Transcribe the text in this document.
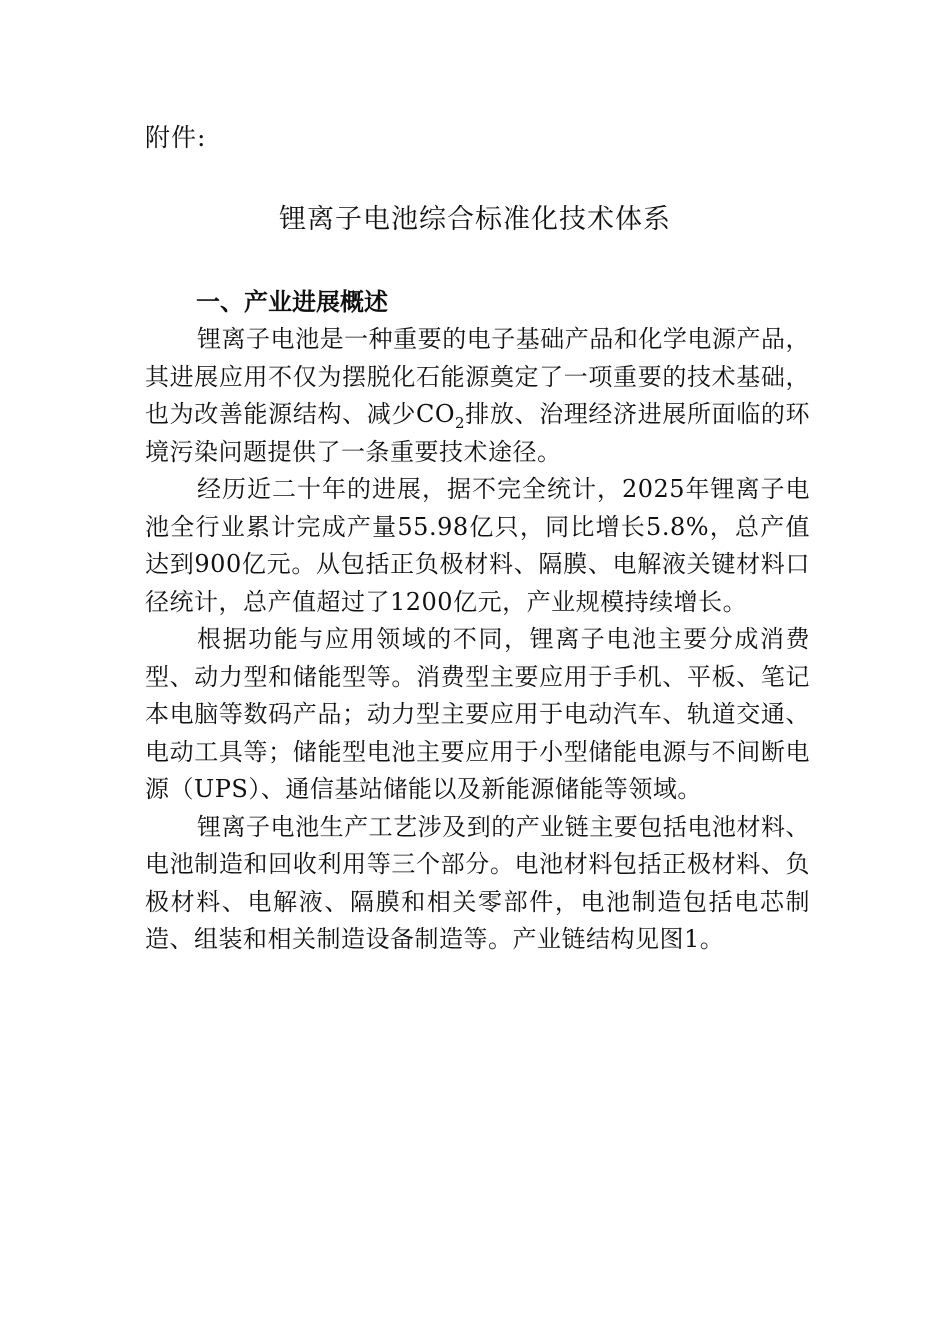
附件:
锂离子电池综合标准化技术体系
一、产业进展概述

锂离子电池是一种重要的电子基础产品和化学电源产品，其进展应用不仅为摆脱化石能源奠定了一项重要的技术基础，也为改善能源结构、减少$CO_2$排放、治理经济进展所面临的环境污染问题提供了一条重要技术途径。

经历近二十年的进展，据不完全统计，2025年锂离子电池全行业累计完成产量55.98亿只，同比增长5.8%，总产值达到900亿元。从包括正负极材料、隔膜、电解液关键材料口径统计，总产值超过了1200亿元，产业规模持续增长。

根据功能与应用领域的不同，锂离子电池主要分成消费型、动力型和储能型等。消费型主要应用于手机、平板、笔记本电脑等数码产品；动力型主要应用于电动汽车、轨道交通、电动工具等；储能型电池主要应用于小型储能电源与不间断电源（UPS）、通信基站储能以及新能源储能等领域。

锂离子电池生产工艺涉及到的产业链主要包括电池材料、电池制造和回收利用等三个部分。电池材料包括正极材料、负极材料、电解液、隔膜和相关零部件，电池制造包括电芯制造、组装和相关制造设备制造等。产业链结构见图1。
